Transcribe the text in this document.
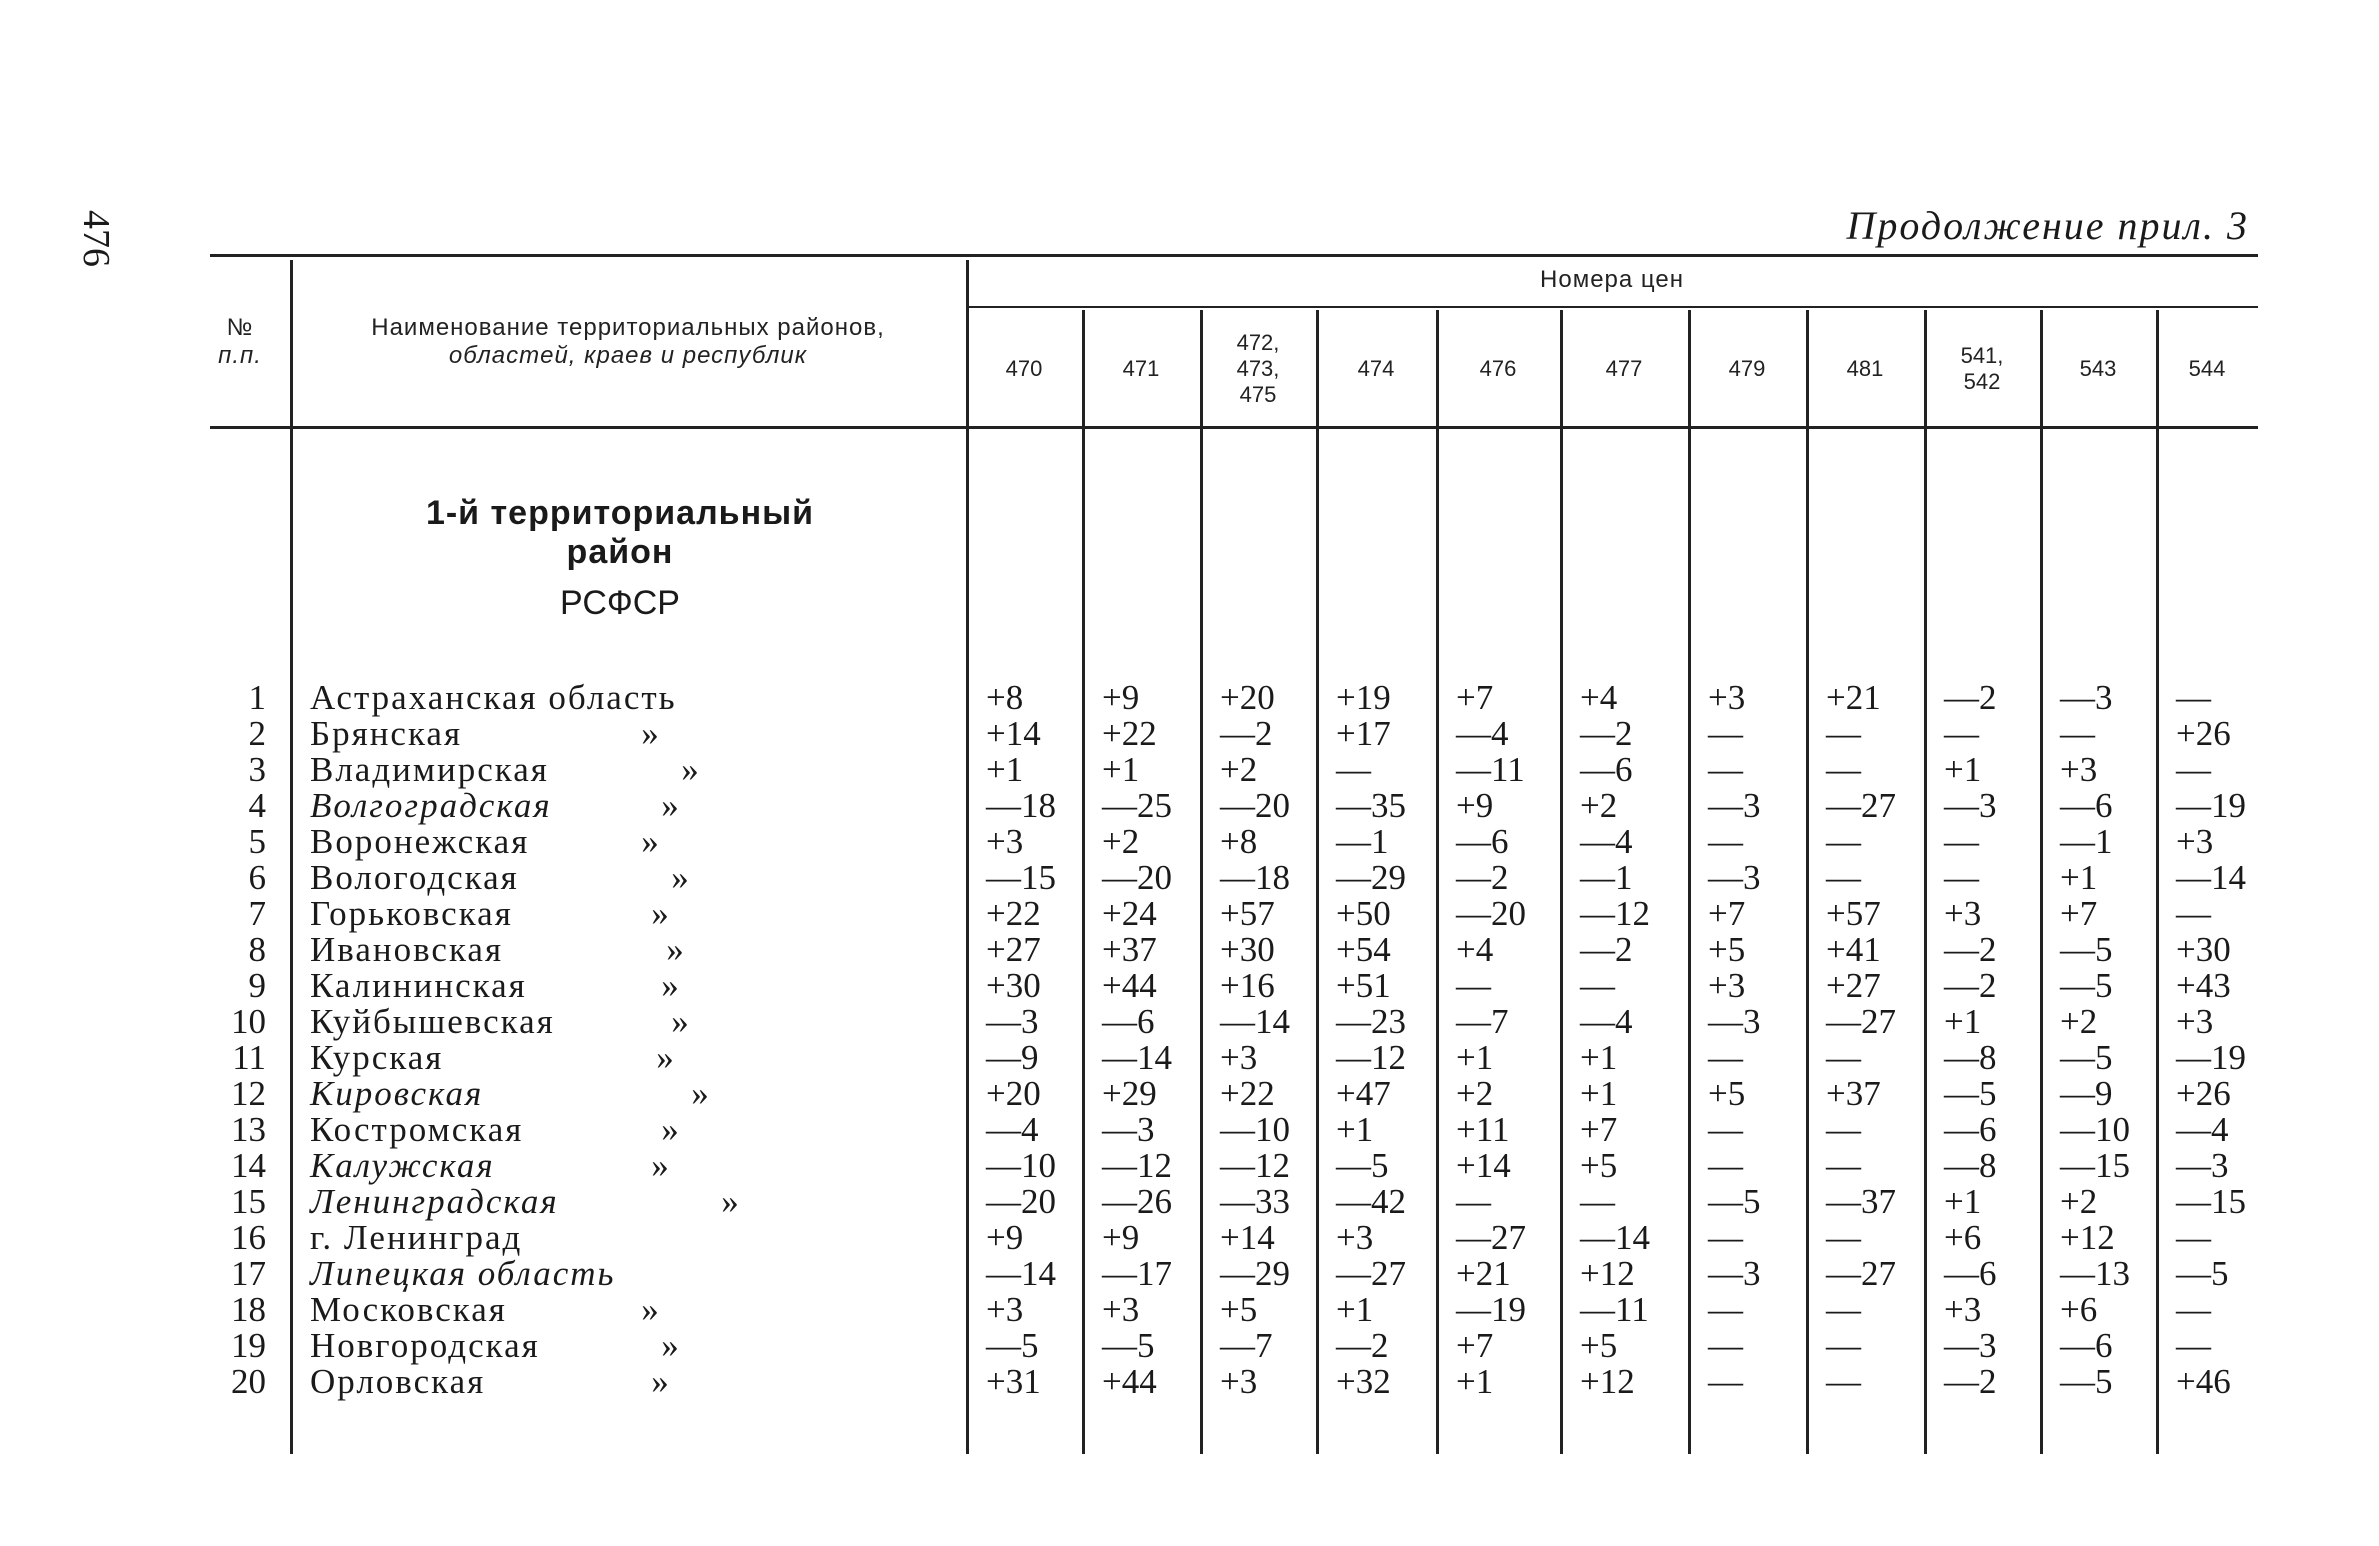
476	Продолжение прил. 3
№
п.п.
Наименование территориальных районов,
областей, краев и республик
Номера цен
1-й территориальный район
РСФСР
470	471
472,
473,
475
474	476	477	479	481
541,
542
543	544
1 Астраханская область	+8	+9	+20	+19	+7	+4	+3	+21	—2	—3	—
2 Брянская	»	+14	+22	—2	+17	—4	—2	—	—	—	—	+26
3 Владимирская	»	+1	+1	+2	—	—11	—6	—	—	+1	+3	—
4 Волгоградская	»	—18	—25	—20	—35	+9	+2	—3	—27	—3	—6	—19
5 Воронежская	»	+3	+2	+8	—1	—6	—4	—	—	—	—1	+3
6 Вологодская	»	—15	—20	—18	—29	—2	—1	—3	—	—	+1	—14
7 Горьковская	»	+22	+24	+57	+50	—20	—12	+7	+57	+3	+7	—
8 Ивановская	»	+27	+37	+30	+54	+4	—2	+5	+41	—2	—5	+30
9 Калининская	»	+30	+44	+16	+51	—	—	+3	+27	—2	—5	+43
10 Куйбышевская	»	—3	—6	—14	—23	—7	—4	—3	—27	+1	+2	+3
11 Курская	»	—9	—14	+3	—12	+1	+1	—	—	—8	—5	—19
12 Кировская	»	+20	+29	+22	+47	+2	+1	+5	+37	—5	—9	+26
13 Костромская	»	—4	—3	—10	+1	+11	+7	—	—	—6	—10	—4
14 Калужская	»	—10	—12	—12	—5	+14	+5	—	—	—8	—15	—3
15 Ленинградская	»	—20	—26	—33	—42	—	—	—5	—37	+1	+2	—15
16 г. Ленинград	+9	+9	+14	+3	—27	—14	—	—	+6	+12	—
17 Липецкая область	—14	—17	—29	—27	+21	+12	—3	—27	—6	—13	—5
18 Московская	»	+3	+3	+5	+1	—19	—11	—	—	+3	+6	—
19 Новгородская	»	—5	—5	—7	—2	+7	+5	—	—	—3	—6	—
20 Орловская	»	+31	+44	+3	+32	+1	+12	—	—	—2	—5	+46
